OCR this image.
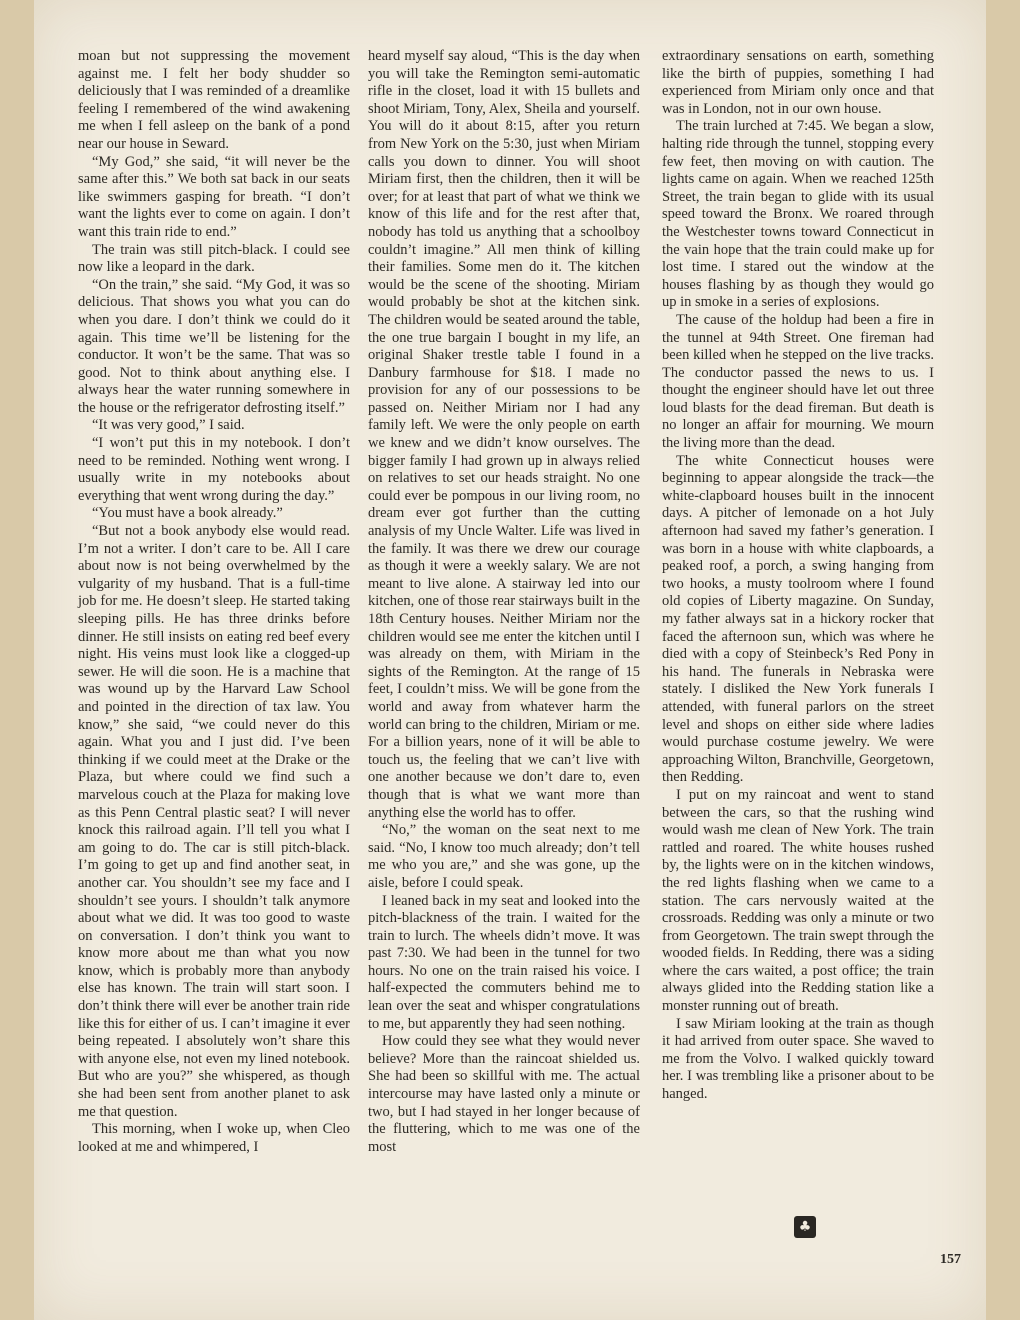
moan but not suppressing the movement against me. I felt her body shudder so deliciously that I was reminded of a dreamlike feeling I remembered of the wind awakening me when I fell asleep on the bank of a pond near our house in Seward.

“My God,” she said, “it will never be the same after this.” We both sat back in our seats like swimmers gasping for breath. “I don’t want the lights ever to come on again. I don’t want this train ride to end.”

The train was still pitch-black. I could see now like a leopard in the dark.

“On the train,” she said. “My God, it was so delicious. That shows you what you can do when you dare. I don’t think we could do it again. This time we’ll be listening for the conductor. It won’t be the same. That was so good. Not to think about anything else. I always hear the water running somewhere in the house or the refrigerator defrosting itself.”

“It was very good,” I said.

“I won’t put this in my notebook. I don’t need to be reminded. Nothing went wrong. I usually write in my notebooks about everything that went wrong during the day.”

“You must have a book already.”

“But not a book anybody else would read. I’m not a writer. I don’t care to be. All I care about now is not being overwhelmed by the vulgarity of my husband. That is a full-time job for me. He doesn’t sleep. He started taking sleeping pills. He has three drinks before dinner. He still insists on eating red beef every night. His veins must look like a clogged-up sewer. He will die soon. He is a machine that was wound up by the Harvard Law School and pointed in the direction of tax law. You know,” she said, “we could never do this again. What you and I just did. I’ve been thinking if we could meet at the Drake or the Plaza, but where could we find such a marvelous couch at the Plaza for making love as this Penn Central plastic seat? I will never knock this railroad again. I’ll tell you what I am going to do. The car is still pitch-black. I’m going to get up and find another seat, in another car. You shouldn’t see my face and I shouldn’t see yours. I shouldn’t talk anymore about what we did. It was too good to waste on conversation. I don’t think you want to know more about me than what you now know, which is probably more than anybody else has known. The train will start soon. I don’t think there will ever be another train ride like this for either of us. I can’t imagine it ever being repeated. I absolutely won’t share this with anyone else, not even my lined notebook. But who are you?” she whispered, as though she had been sent from another planet to ask me that question.

This morning, when I woke up, when Cleo looked at me and whimpered, I

heard myself say aloud, “This is the day when you will take the Remington semi-automatic rifle in the closet, load it with 15 bullets and shoot Miriam, Tony, Alex, Sheila and yourself. You will do it about 8:15, after you return from New York on the 5:30, just when Miriam calls you down to dinner. You will shoot Miriam first, then the children, then it will be over; for at least that part of what we think we know of this life and for the rest after that, nobody has told us anything that a schoolboy couldn’t imagine.” All men think of killing their families. Some men do it. The kitchen would be the scene of the shooting. Miriam would probably be shot at the kitchen sink. The children would be seated around the table, the one true bargain I bought in my life, an original Shaker trestle table I found in a Danbury farmhouse for $18. I made no provision for any of our possessions to be passed on. Neither Miriam nor I had any family left. We were the only people on earth we knew and we didn’t know ourselves. The bigger family I had grown up in always relied on relatives to set our heads straight. No one could ever be pompous in our living room, no dream ever got further than the cutting analysis of my Uncle Walter. Life was lived in the family. It was there we drew our courage as though it were a weekly salary. We are not meant to live alone. A stairway led into our kitchen, one of those rear stairways built in the 18th Century houses. Neither Miriam nor the children would see me enter the kitchen until I was already on them, with Miriam in the sights of the Remington. At the range of 15 feet, I couldn’t miss. We will be gone from the world and away from whatever harm the world can bring to the children, Miriam or me. For a billion years, none of it will be able to touch us, the feeling that we can’t live with one another because we don’t dare to, even though that is what we want more than anything else the world has to offer.

“No,” the woman on the seat next to me said. “No, I know too much already; don’t tell me who you are,” and she was gone, up the aisle, before I could speak.

I leaned back in my seat and looked into the pitch-blackness of the train. I waited for the train to lurch. The wheels didn’t move. It was past 7:30. We had been in the tunnel for two hours. No one on the train raised his voice. I half-expected the commuters behind me to lean over the seat and whisper congratulations to me, but apparently they had seen nothing.

How could they see what they would never believe? More than the raincoat shielded us. She had been so skillful with me. The actual intercourse may have lasted only a minute or two, but I had stayed in her longer because of the fluttering, which to me was one of the most

extraordinary sensations on earth, something like the birth of puppies, something I had experienced from Miriam only once and that was in London, not in our own house.

The train lurched at 7:45. We began a slow, halting ride through the tunnel, stopping every few feet, then moving on with caution. The lights came on again. When we reached 125th Street, the train began to glide with its usual speed toward the Bronx. We roared through the Westchester towns toward Connecticut in the vain hope that the train could make up for lost time. I stared out the window at the houses flashing by as though they would go up in smoke in a series of explosions.

The cause of the holdup had been a fire in the tunnel at 94th Street. One fireman had been killed when he stepped on the live tracks. The conductor passed the news to us. I thought the engineer should have let out three loud blasts for the dead fireman. But death is no longer an affair for mourning. We mourn the living more than the dead.

The white Connecticut houses were beginning to appear alongside the track—the white-clapboard houses built in the innocent days. A pitcher of lemonade on a hot July afternoon had saved my father’s generation. I was born in a house with white clapboards, a peaked roof, a porch, a swing hanging from two hooks, a musty toolroom where I found old copies of Liberty magazine. On Sunday, my father always sat in a hickory rocker that faced the afternoon sun, which was where he died with a copy of Steinbeck’s Red Pony in his hand. The funerals in Nebraska were stately. I disliked the New York funerals I attended, with funeral parlors on the street level and shops on either side where ladies would purchase costume jewelry. We were approaching Wilton, Branchville, Georgetown, then Redding.

I put on my raincoat and went to stand between the cars, so that the rushing wind would wash me clean of New York. The train rattled and roared. The white houses rushed by, the lights were on in the kitchen windows, the red lights flashing when we came to a station. The cars nervously waited at the crossroads. Redding was only a minute or two from Georgetown. The train swept through the wooded fields. In Redding, there was a siding where the cars waited, a post office; the train always glided into the Redding station like a monster running out of breath.

I saw Miriam looking at the train as though it had arrived from outer space. She waved to me from the Volvo. I walked quickly toward her. I was trembling like a prisoner about to be hanged.

♣
157
